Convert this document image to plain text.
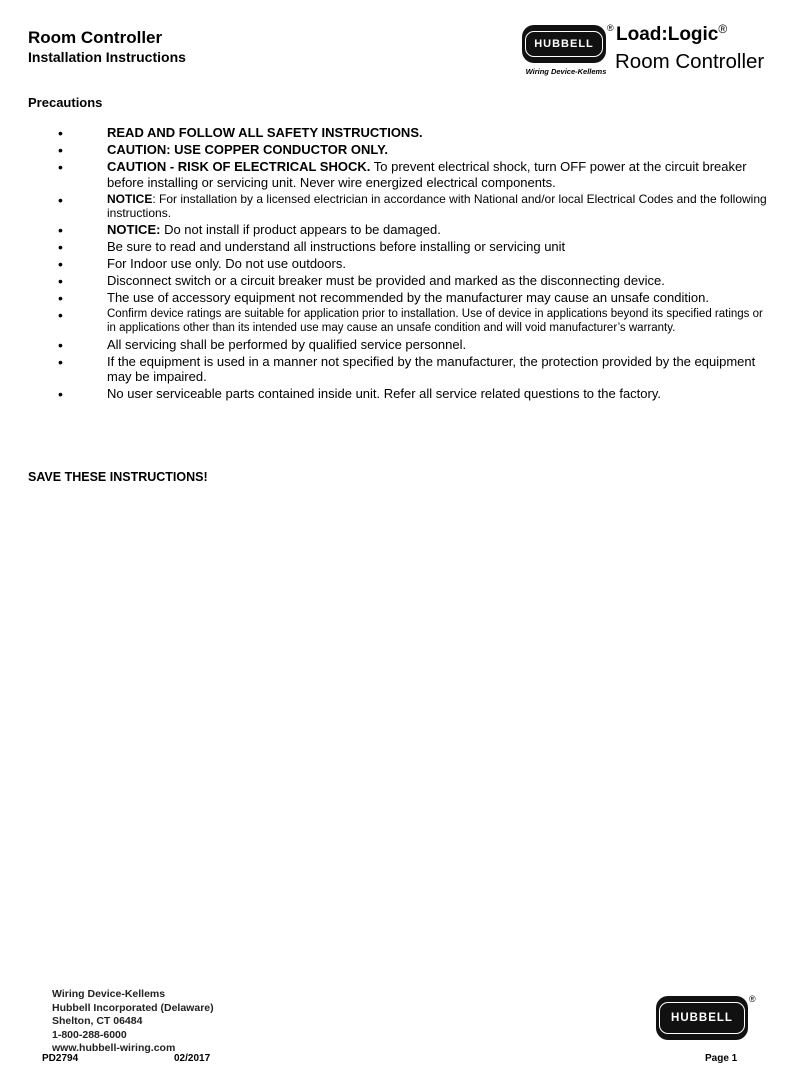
Room Controller
Installation Instructions
HUBBELL
®
Wiring Device-Kellems
Load:Logic®
Room Controller
Precautions
• READ AND FOLLOW ALL SAFETY INSTRUCTIONS.
• CAUTION: USE COPPER CONDUCTOR ONLY.
• CAUTION - RISK OF ELECTRICAL SHOCK. To prevent electrical shock, turn OFF power at the circuit breaker before installing or servicing unit. Never wire energized electrical components.
• NOTICE: For installation by a licensed electrician in accordance with National and/or local Electrical Codes and the following instructions.
• NOTICE: Do not install if product appears to be damaged.
• Be sure to read and understand all instructions before installing or servicing unit
• For Indoor use only. Do not use outdoors.
• Disconnect switch or a circuit breaker must be provided and marked as the disconnecting device.
• The use of accessory equipment not recommended by the manufacturer may cause an unsafe condition.
• Confirm device ratings are suitable for application prior to installation. Use of device in applications beyond its specified ratings or in applications other than its intended use may cause an unsafe condition and will void manufacturer’s warranty.
• All servicing shall be performed by qualified service personnel.
• If the equipment is used in a manner not specified by the manufacturer, the protection provided by the equipment may be impaired.
• No user serviceable parts contained inside unit. Refer all service related questions to the factory.
SAVE THESE INSTRUCTIONS!
Wiring Device-Kellems
Hubbell Incorporated (Delaware)
Shelton, CT 06484
1-800-288-6000
www.hubbell-wiring.com
HUBBELL
®
PD2794	02/2017	Page 1
